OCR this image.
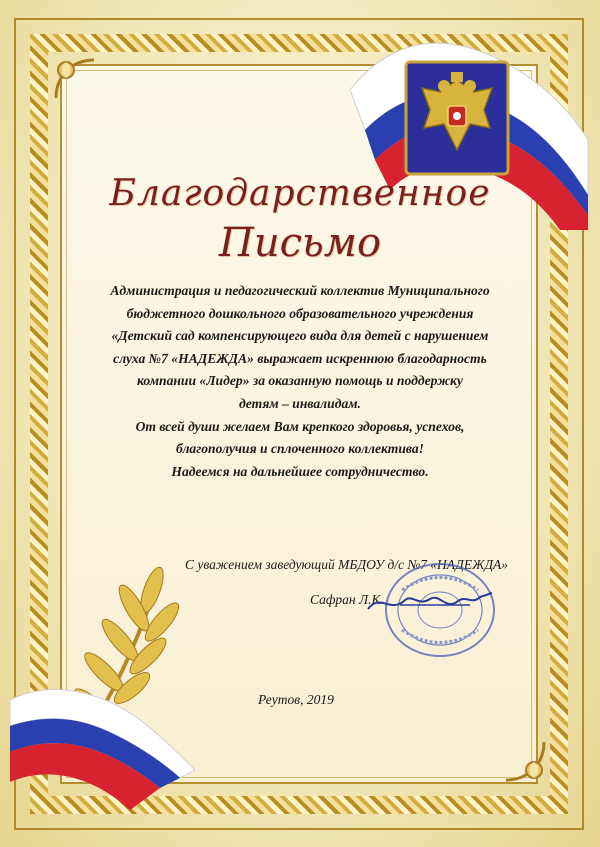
Благодарственное
Письмо

Администрация и педагогический коллектив Муниципального

бюджетного дошкольного образовательного учреждения

«Детский сад компенсирующего вида для детей с нарушением

слуха №7 «НАДЕЖДА» выражает искреннюю благодарность

компании «Лидер» за оказанную помощь и поддержку

детям – инвалидам.

От всей души желаем Вам крепкого здоровья, успехов,

благополучия и сплоченного коллектива!

Надеемся на дальнейшее сотрудничество.

С уважением заведующий МБДОУ д/с №7 «НАДЕЖДА»
Сафран Л.К.
Реутов, 2019
